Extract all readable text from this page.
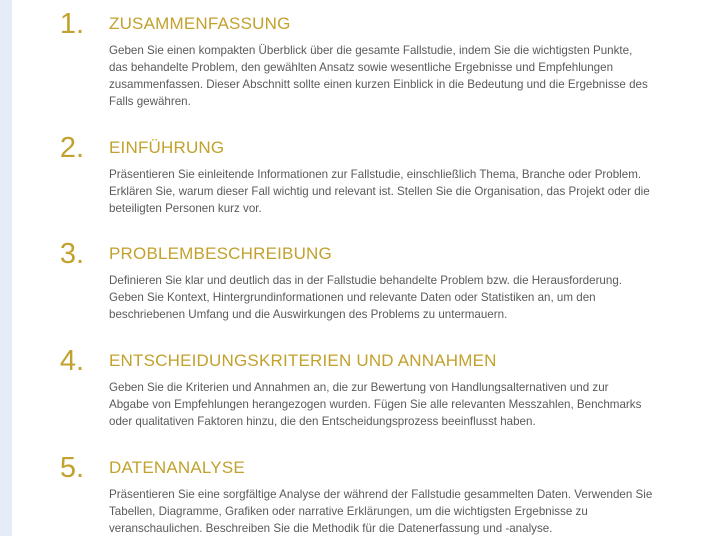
1. ZUSAMMENFASSUNG
Geben Sie einen kompakten Überblick über die gesamte Fallstudie, indem Sie die wichtigsten Punkte,
das behandelte Problem, den gewählten Ansatz sowie wesentliche Ergebnisse und Empfehlungen
zusammenfassen. Dieser Abschnitt sollte einen kurzen Einblick in die Bedeutung und die Ergebnisse des
Falls gewähren.
2. EINFÜHRUNG
Präsentieren Sie einleitende Informationen zur Fallstudie, einschließlich Thema, Branche oder Problem.
Erklären Sie, warum dieser Fall wichtig und relevant ist. Stellen Sie die Organisation, das Projekt oder die
beteiligten Personen kurz vor.
3. PROBLEMBESCHREIBUNG
Definieren Sie klar und deutlich das in der Fallstudie behandelte Problem bzw. die Herausforderung.
Geben Sie Kontext, Hintergrundinformationen und relevante Daten oder Statistiken an, um den
beschriebenen Umfang und die Auswirkungen des Problems zu untermauern.
4. ENTSCHEIDUNGSKRITERIEN UND ANNAHMEN
Geben Sie die Kriterien und Annahmen an, die zur Bewertung von Handlungsalternativen und zur
Abgabe von Empfehlungen herangezogen wurden. Fügen Sie alle relevanten Messzahlen, Benchmarks
oder qualitativen Faktoren hinzu, die den Entscheidungsprozess beeinflusst haben.
5. DATENANALYSE
Präsentieren Sie eine sorgfältige Analyse der während der Fallstudie gesammelten Daten. Verwenden Sie
Tabellen, Diagramme, Grafiken oder narrative Erklärungen, um die wichtigsten Ergebnisse zu
veranschaulichen. Beschreiben Sie die Methodik für die Datenerfassung und -analyse.
